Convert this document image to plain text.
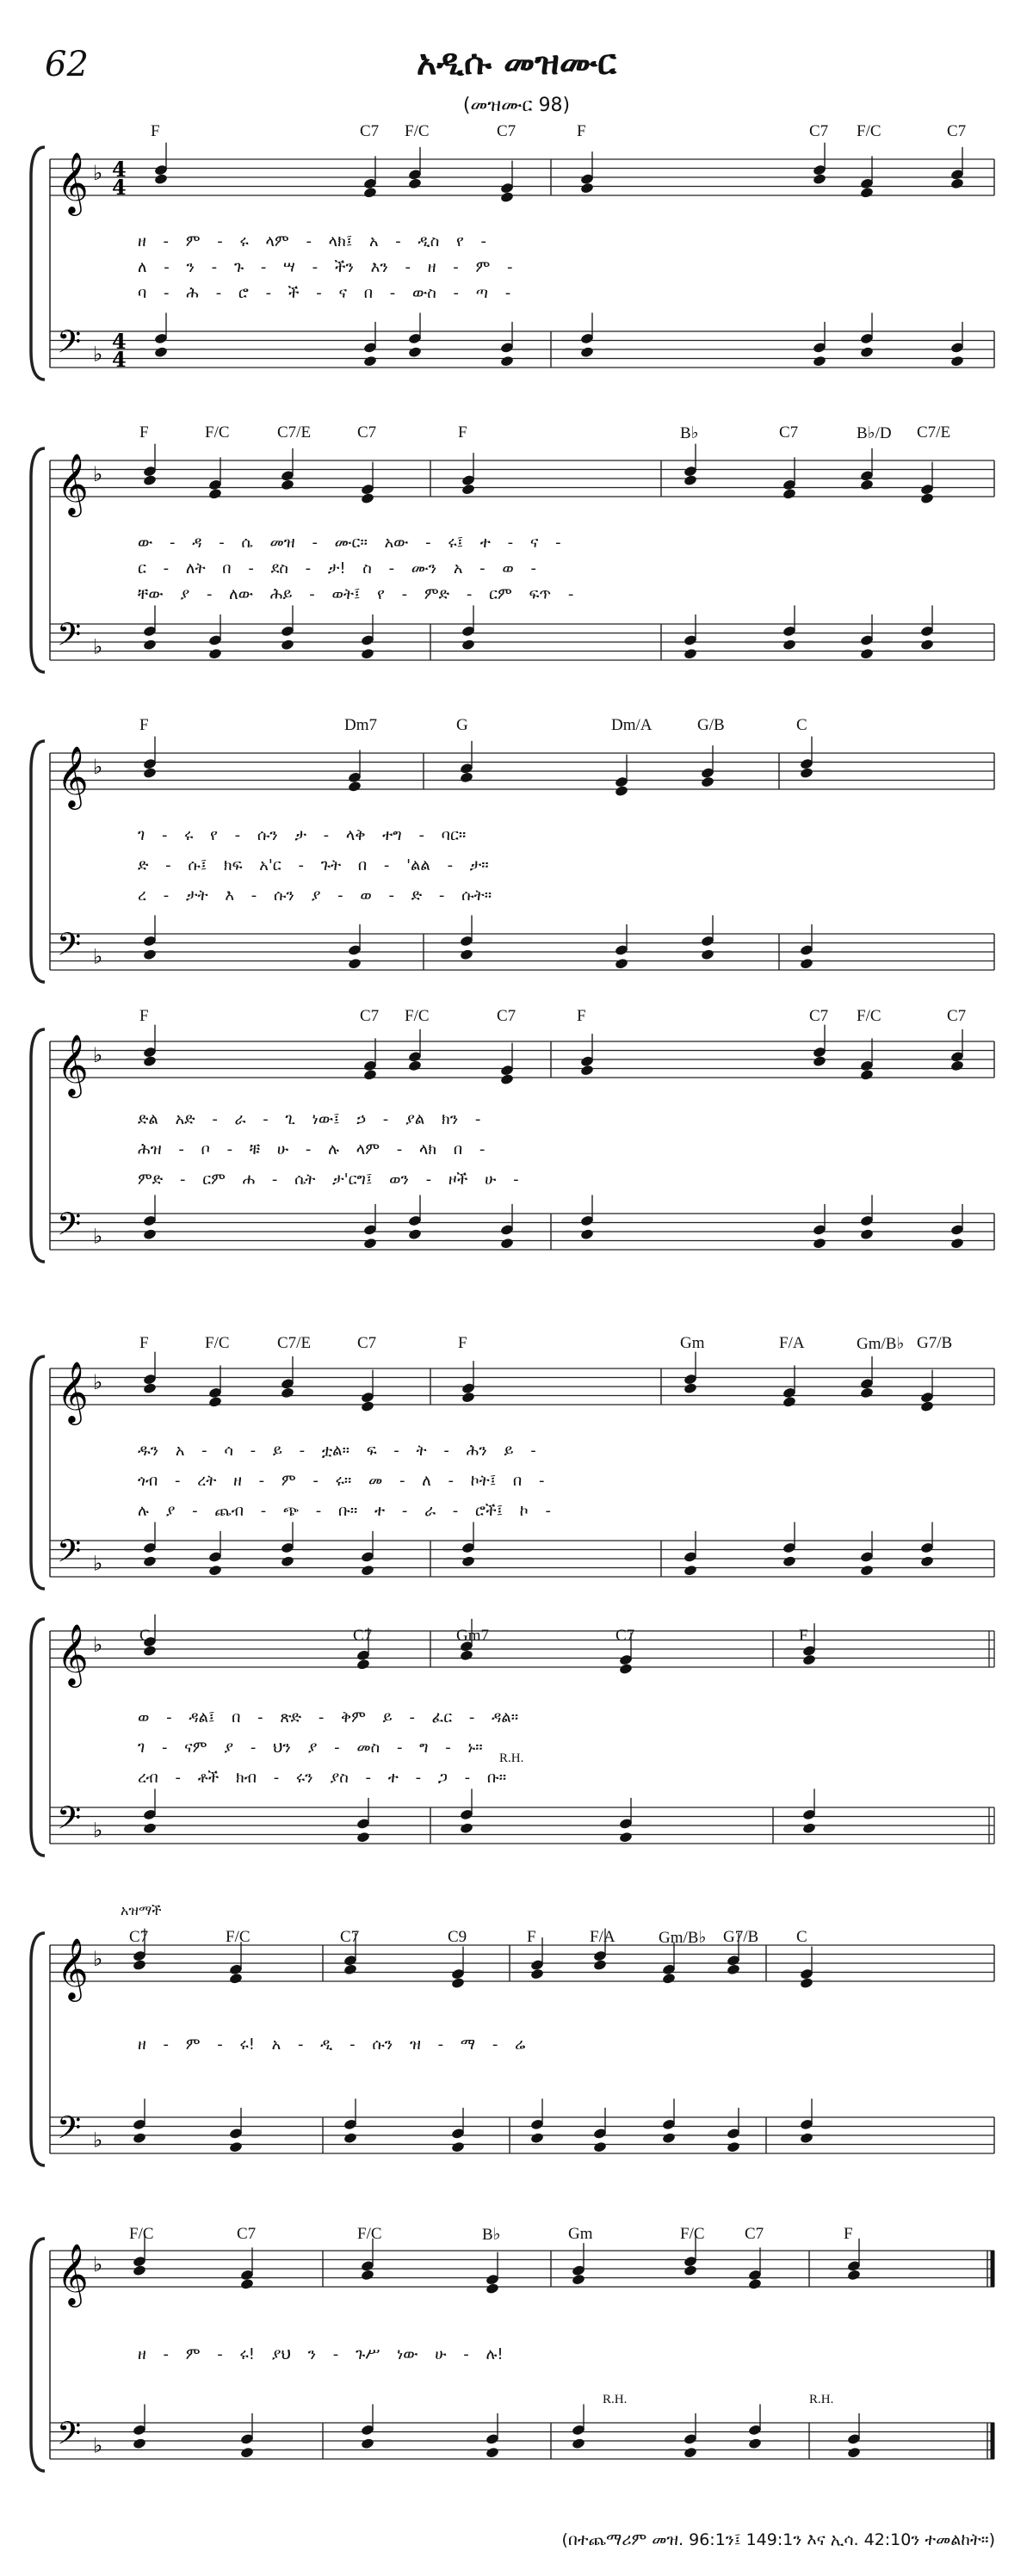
62	አዲሱ መዝሙር
(መዝሙር 98)
𝄞 ♭ 4
4
𝄢 ♭
4
4
𝄞 ♭
𝄢 ♭
𝄞 ♭
𝄢 ♭
𝄞 ♭
𝄢 ♭
𝄞 ♭
𝄢 ♭
𝄞 ♭
𝄢 ♭
𝄞 ♭
𝄢 ♭
𝄞 ♭
𝄢 ♭
F	C7 F/C	C7	F	C7 F/C	C7
ዘ - ም - ሩ ላም - ላክ፤ አ - ዲስ የ -
ለ - ን - ጉ - ሣ - ችን እን - ዘ - ም -
ባ - ሕ - ሮ - ች - ና በ - ውስ - ጣ -
F	F/C	C7/E	C7	F	B♭	C7	B♭/D C7/E
ው - ዳ - ሴ መዝ - ሙር። አው - ሩ፤ ተ - ና -
ር - ለት በ - ደስ - ታ! ስ - ሙን አ - ወ -
ቸው ያ - ለው ሕይ - ወት፤ የ - ምድ - ርም ፍጥ -
F	Dm7	G	Dm/A	G/B	C
ገ - ሩ የ - ሱን ታ - ላቅ ተግ - ባር።
ድ - ሱ፤ ክፍ አ'ር - ጉት በ - 'ልል - ታ።
ረ - ታት እ - ሱን ያ - ወ - ድ - ሱት።
F	C7 F/C	C7	F	C7 F/C	C7
ድል አድ - ራ - ጊ ነው፤ ኃ - ያል ክን -
ሕዝ - ቦ - ቹ ሁ - ሉ ላም - ላክ በ -
ምድ - ርም ሐ - ሴት ታ'ርግ፤ ወን - ዞች ሁ -
F	F/C	C7/E	C7	F	Gm	F/A	Gm/B♭ G7/B
ዱን አ - ሳ - ይ - ቷል። ፍ - ት - ሕን ይ -
ጎብ - ረት ዘ - ም - ሩ። መ - ለ - ኮት፤ በ -
ሉ ያ - ጨብ - ጭ - ቡ። ተ - ራ - ሮች፤ ኮ -
C	C7	Gm7	C7	F
ወ - ዳል፤ በ - ጽድ - ቅም ይ - ፈር - ዳል።
ገ - ናም ያ - ህን ያ - መስ - ግ - ኑ።
ረብ - ቶች ክብ - ሩን ያስ - ተ - ጋ - ቡ።
R.H.
C7	F/C	C7	C9	F	F/A	Gm/B♭ G7/B C
አዝማች
ዘ - ም - ሩ! አ - ዲ - ሱን ዝ - ማ - ሬ
F/C	C7	F/C	B♭	Gm	F/C C7	F
ዘ - ም - ሩ! ያህ ን - ጉሥ ነው ሁ - ሉ!
R.H.	R.H.
(በተጨማሪም መዝ. 96:1ን፤ 149:1ን እና ኢሳ. 42:10ን ተመልከት።)
